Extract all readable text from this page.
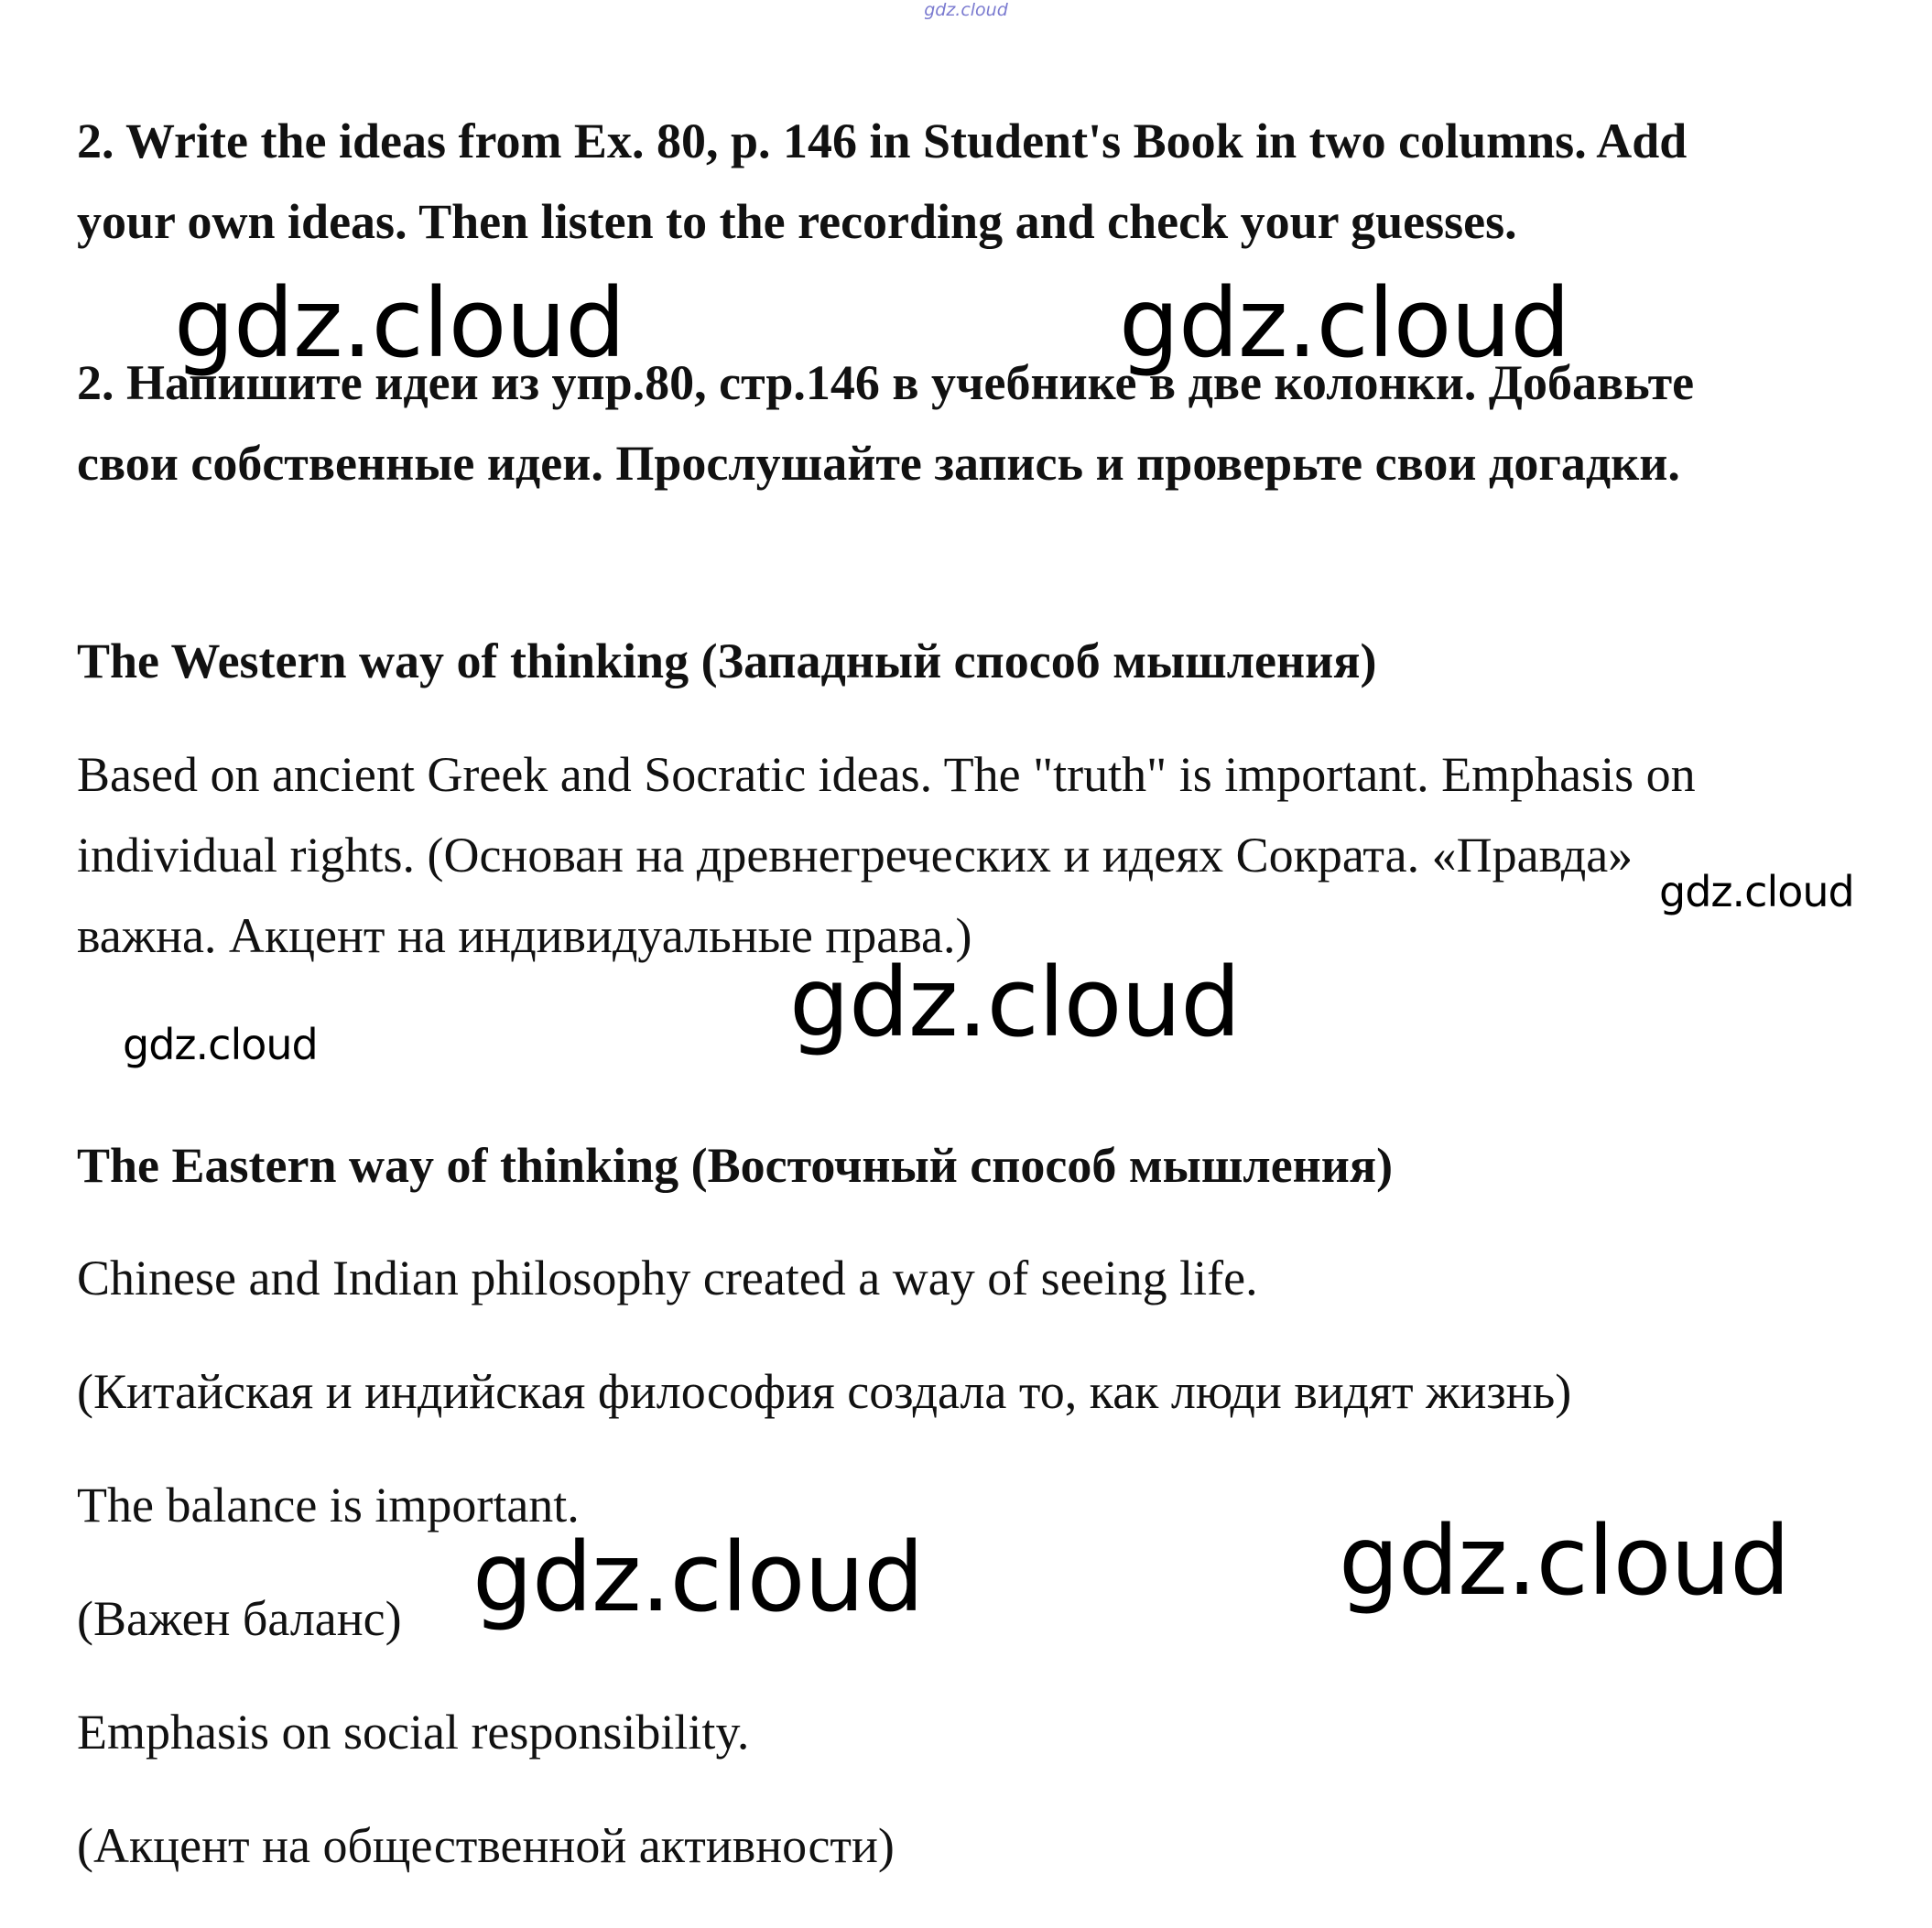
gdz.cloud
2. Write the ideas from Ex. 80, p. 146 in Student's Book in two columns. Add
your own ideas. Then listen to the recording and check your guesses.
2. Напишите идеи из упр.80, стр.146 в учебнике в две колонки. Добавьте
свои собственные идеи. Прослушайте запись и проверьте свои догадки.
The Western way of thinking (Западный способ мышления)
Based on ancient Greek and Socratic ideas. The "truth" is important. Emphasis on
individual rights. (Основан на древнегреческих и идеях Сократа. «Правда»
важна. Акцент на индивидуальные права.)
The Eastern way of thinking (Восточный способ мышления)
Chinese and Indian philosophy created a way of seeing life.
(Китайская и индийская философия создала то, как люди видят жизнь)
The balance is important.
(Важен баланс)
Emphasis on social responsibility.
(Акцент на общественной активности)
gdz.cloud	gdz.cloud
gdz.cloud
gdz.cloud	gdz.cloud
gdz.cloud
gdz.cloud
